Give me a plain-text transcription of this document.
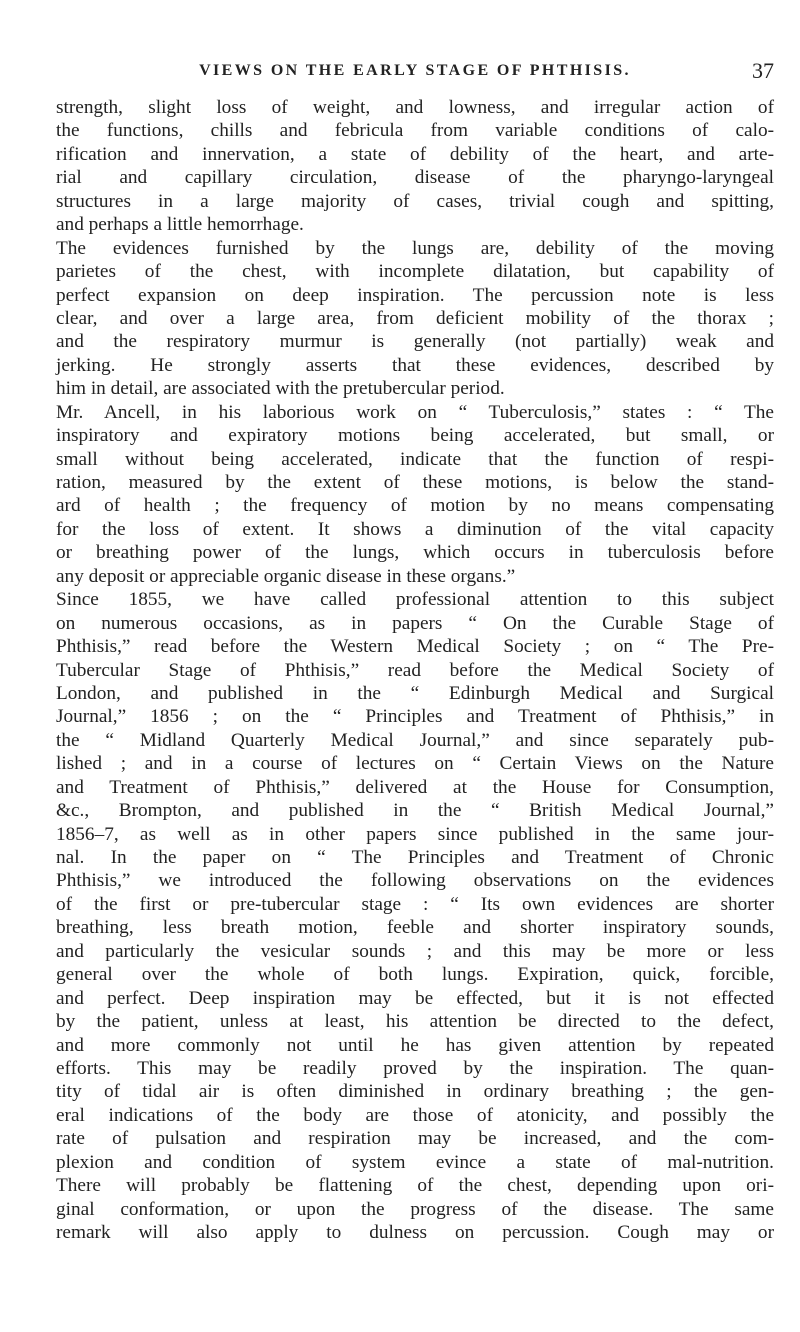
VIEWS ON THE EARLY STAGE OF PHTHISIS.	37
strength, slight loss of weight, and lowness, and irregular action of
the functions, chills and febricula from variable conditions of calo-
rification and innervation, a state of debility of the heart, and arte-
rial and capillary circulation, disease of the pharyngo-laryngeal
structures in a large majority of cases, trivial cough and spitting,
and perhaps a little hemorrhage.
The evidences furnished by the lungs are, debility of the moving
parietes of the chest, with incomplete dilatation, but capability of
perfect expansion on deep inspiration. The percussion note is less
clear, and over a large area, from deficient mobility of the thorax ;
and the respiratory murmur is generally (not partially) weak and
jerking. He strongly asserts that these evidences, described by
him in detail, are associated with the pretubercular period.
Mr. Ancell, in his laborious work on “ Tuberculosis,” states : “ The
inspiratory and expiratory motions being accelerated, but small, or
small without being accelerated, indicate that the function of respi-
ration, measured by the extent of these motions, is below the stand-
ard of health ; the frequency of motion by no means compensating
for the loss of extent. It shows a diminution of the vital capacity
or breathing power of the lungs, which occurs in tuberculosis before
any deposit or appreciable organic disease in these organs.”
Since 1855, we have called professional attention to this subject
on numerous occasions, as in papers “ On the Curable Stage of
Phthisis,” read before the Western Medical Society ; on “ The Pre-
Tubercular Stage of Phthisis,” read before the Medical Society of
London, and published in the “ Edinburgh Medical and Surgical
Journal,” 1856 ; on the “ Principles and Treatment of Phthisis,” in
the “ Midland Quarterly Medical Journal,” and since separately pub-
lished ; and in a course of lectures on “ Certain Views on the Nature
and Treatment of Phthisis,” delivered at the House for Consumption,
&c., Brompton, and published in the “ British Medical Journal,”
1856–7, as well as in other papers since published in the same jour-
nal. In the paper on “ The Principles and Treatment of Chronic
Phthisis,” we introduced the following observations on the evidences
of the first or pre-tubercular stage : “ Its own evidences are shorter
breathing, less breath motion, feeble and shorter inspiratory sounds,
and particularly the vesicular sounds ; and this may be more or less
general over the whole of both lungs. Expiration, quick, forcible,
and perfect. Deep inspiration may be effected, but it is not effected
by the patient, unless at least, his attention be directed to the defect,
and more commonly not until he has given attention by repeated
efforts. This may be readily proved by the inspiration. The quan-
tity of tidal air is often diminished in ordinary breathing ; the gen-
eral indications of the body are those of atonicity, and possibly the
rate of pulsation and respiration may be increased, and the com-
plexion and condition of system evince a state of mal-nutrition.
There will probably be flattening of the chest, depending upon ori-
ginal conformation, or upon the progress of the disease. The same
remark will also apply to dulness on percussion. Cough may or
